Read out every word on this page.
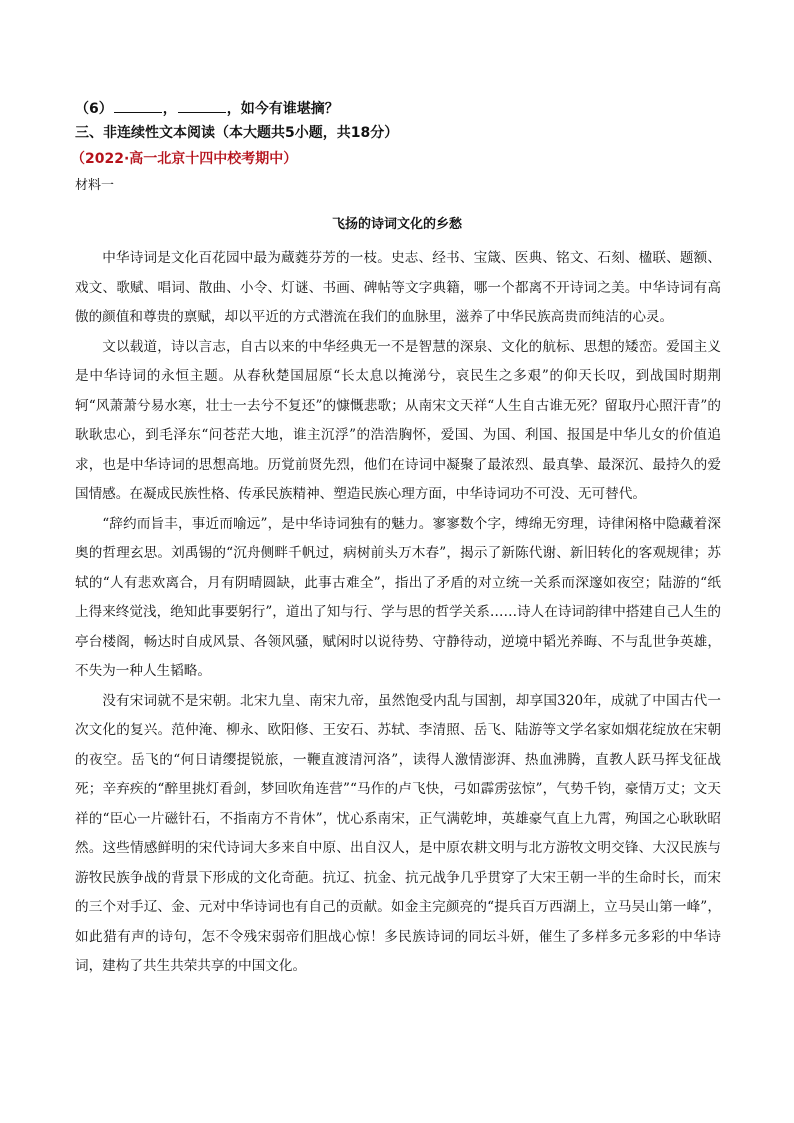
（6）	，	，如今有谁堪摘？
三、非连续性文本阅读（本大题共5小题，共18分）
（2022·高一北京十四中校考期中）
材料一
飞扬的诗词文化的乡愁

中华诗词是文化百花园中最为蔵蕤芬芳的一枝。史志、经书、宝箴、医典、铭文、石刻、楹联、题额、戏文、歌赋、唱词、散曲、小令、灯谜、书画、碑帖等文字典籍，哪一个都离不开诗词之美。中华诗词有高傲的颜值和尊贵的禀赋，却以平近的方式潜流在我们的血脉里，滋养了中华民族高贵而纯洁的心灵。

文以载道，诗以言志，自古以来的中华经典无一不是智慧的深泉、文化的航标、思想的矮峦。爱国主义是中华诗词的永恒主题。从春秋楚国屈原“长太息以掩涕兮，哀民生之多艰”的仰天长叹，到战国时期荆轲“风萧萧兮易水寒，壮士一去兮不复还”的慷慨悲歌；从南宋文天祥“人生自古谁无死？留取丹心照汗青”的耿耿忠心，到毛泽东“问苍茫大地，谁主沉浮”的浩浩胸怀，爱国、为国、利国、报国是中华儿女的价值追求，也是中华诗词的思想高地。历覚前贤先烈，他们在诗词中凝聚了最浓烈、最真挚、最深沉、最持久的爱国情感。在凝成民族性格、传承民族精神、塑造民族心理方面，中华诗词功不可没、无可替代。

“辞约而旨丰，事近而喻远”，是中华诗词独有的魅力。寥寥数个字，缚绵无穷理，诗律闲格中隐藏着深奥的哲理玄思。刘禹锡的“沉舟侧畔千帆过，病树前头万木春”，揭示了新陈代谢、新旧转化的客观规律；苏轼的“人有悲欢离合，月有阴晴圆缺，此事古难全”，指出了矛盾的对立统一关系而深邃如夜空；陆游的“纸上得来终觉浅，绝知此事要躬行”，道出了知与行、学与思的哲学关系……诗人在诗词韵律中搭建自己人生的亭台楼阁，畅达时自成风景、各领风骚，赋闲时以说待势、守静待动，逆境中韬光养晦、不与乱世争英雄，不失为一种人生韬略。

没有宋词就不是宋朝。北宋九皇、南宋九帝，虽然饱受内乱与国割，却享国320年，成就了中国古代一次文化的复兴。范仲淹、柳永、欧阳修、王安石、苏轼、李清照、岳飞、陆游等文学名家如烟花绽放在宋朝的夜空。岳飞的“何日请缨提锐旅，一鞭直渡清河洛”，读得人激情澎湃、热血沸腾，直教人跃马挥戈征战死；辛弃疾的“醉里挑灯看剑，梦回吹角连营”“马作的卢飞快，弓如霹雳弦惊”，气势千钧，豪情万丈；文天祥的“臣心一片磁针石，不指南方不肯休”，忧心系南宋，正气满乾坤，英雄豪气直上九霄，殉国之心耿耿昭然。这些情感鲜明的宋代诗词大多来自中原、出自汉人，是中原农耕文明与北方游牧文明交锋、大汉民族与游牧民族争战的背景下形成的文化奇葩。抗辽、抗金、抗元战争几乎贯穿了大宋王朝一半的生命时长，而宋的三个对手辽、金、元对中华诗词也有自己的贡献。如金主完颜亮的“提兵百万西湖上，立马吴山第一峰”，如此猎有声的诗句，怎不令残宋弱帝们胆战心惊！多民族诗词的同坛斗妍，催生了多样多元多彩的中华诗词，建构了共生共荣共享的中国文化。
